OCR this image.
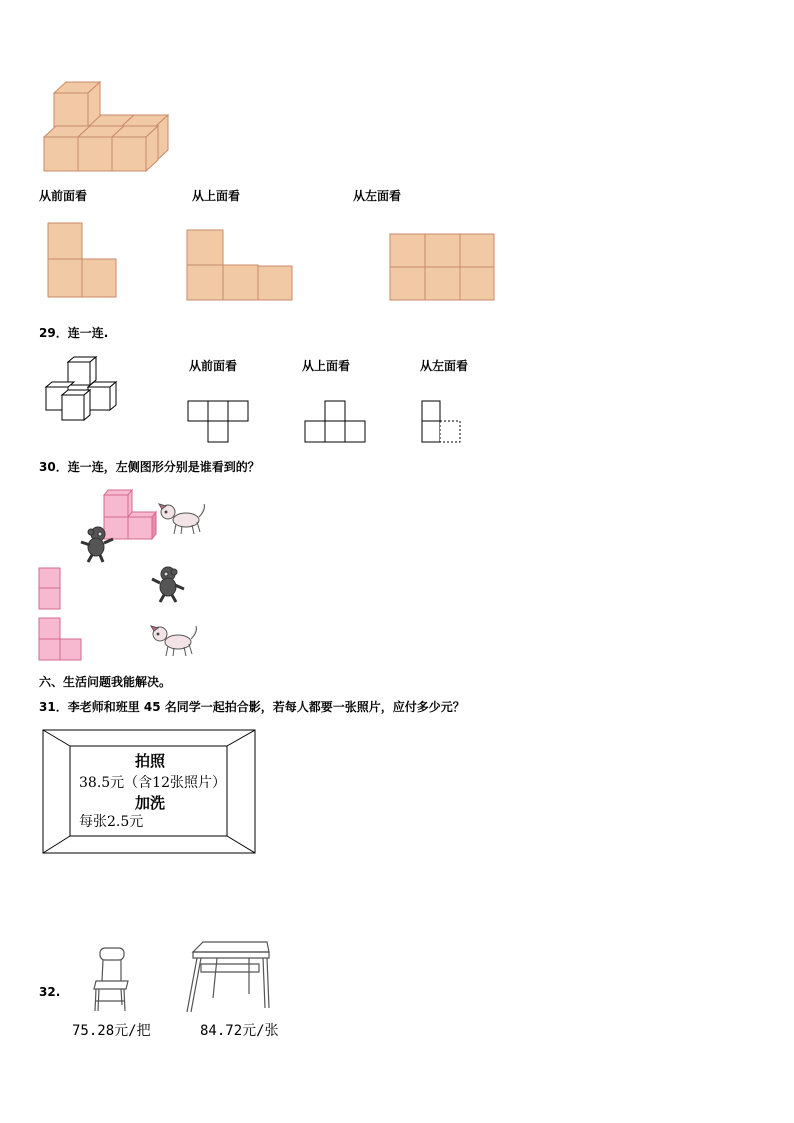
从前面看	从上面看	从左面看
29．连一连.
从前面看	从上面看	从左面看
30．连一连，左侧图形分别是谁看到的？
六、生活问题我能解决。
31．李老师和班里 45 名同学一起拍合影，若每人都要一张照片，应付多少元？
拍照
38.5元（含12张照片）
加洗
每张2.5元
32.
75.28元/把	84.72元/张
